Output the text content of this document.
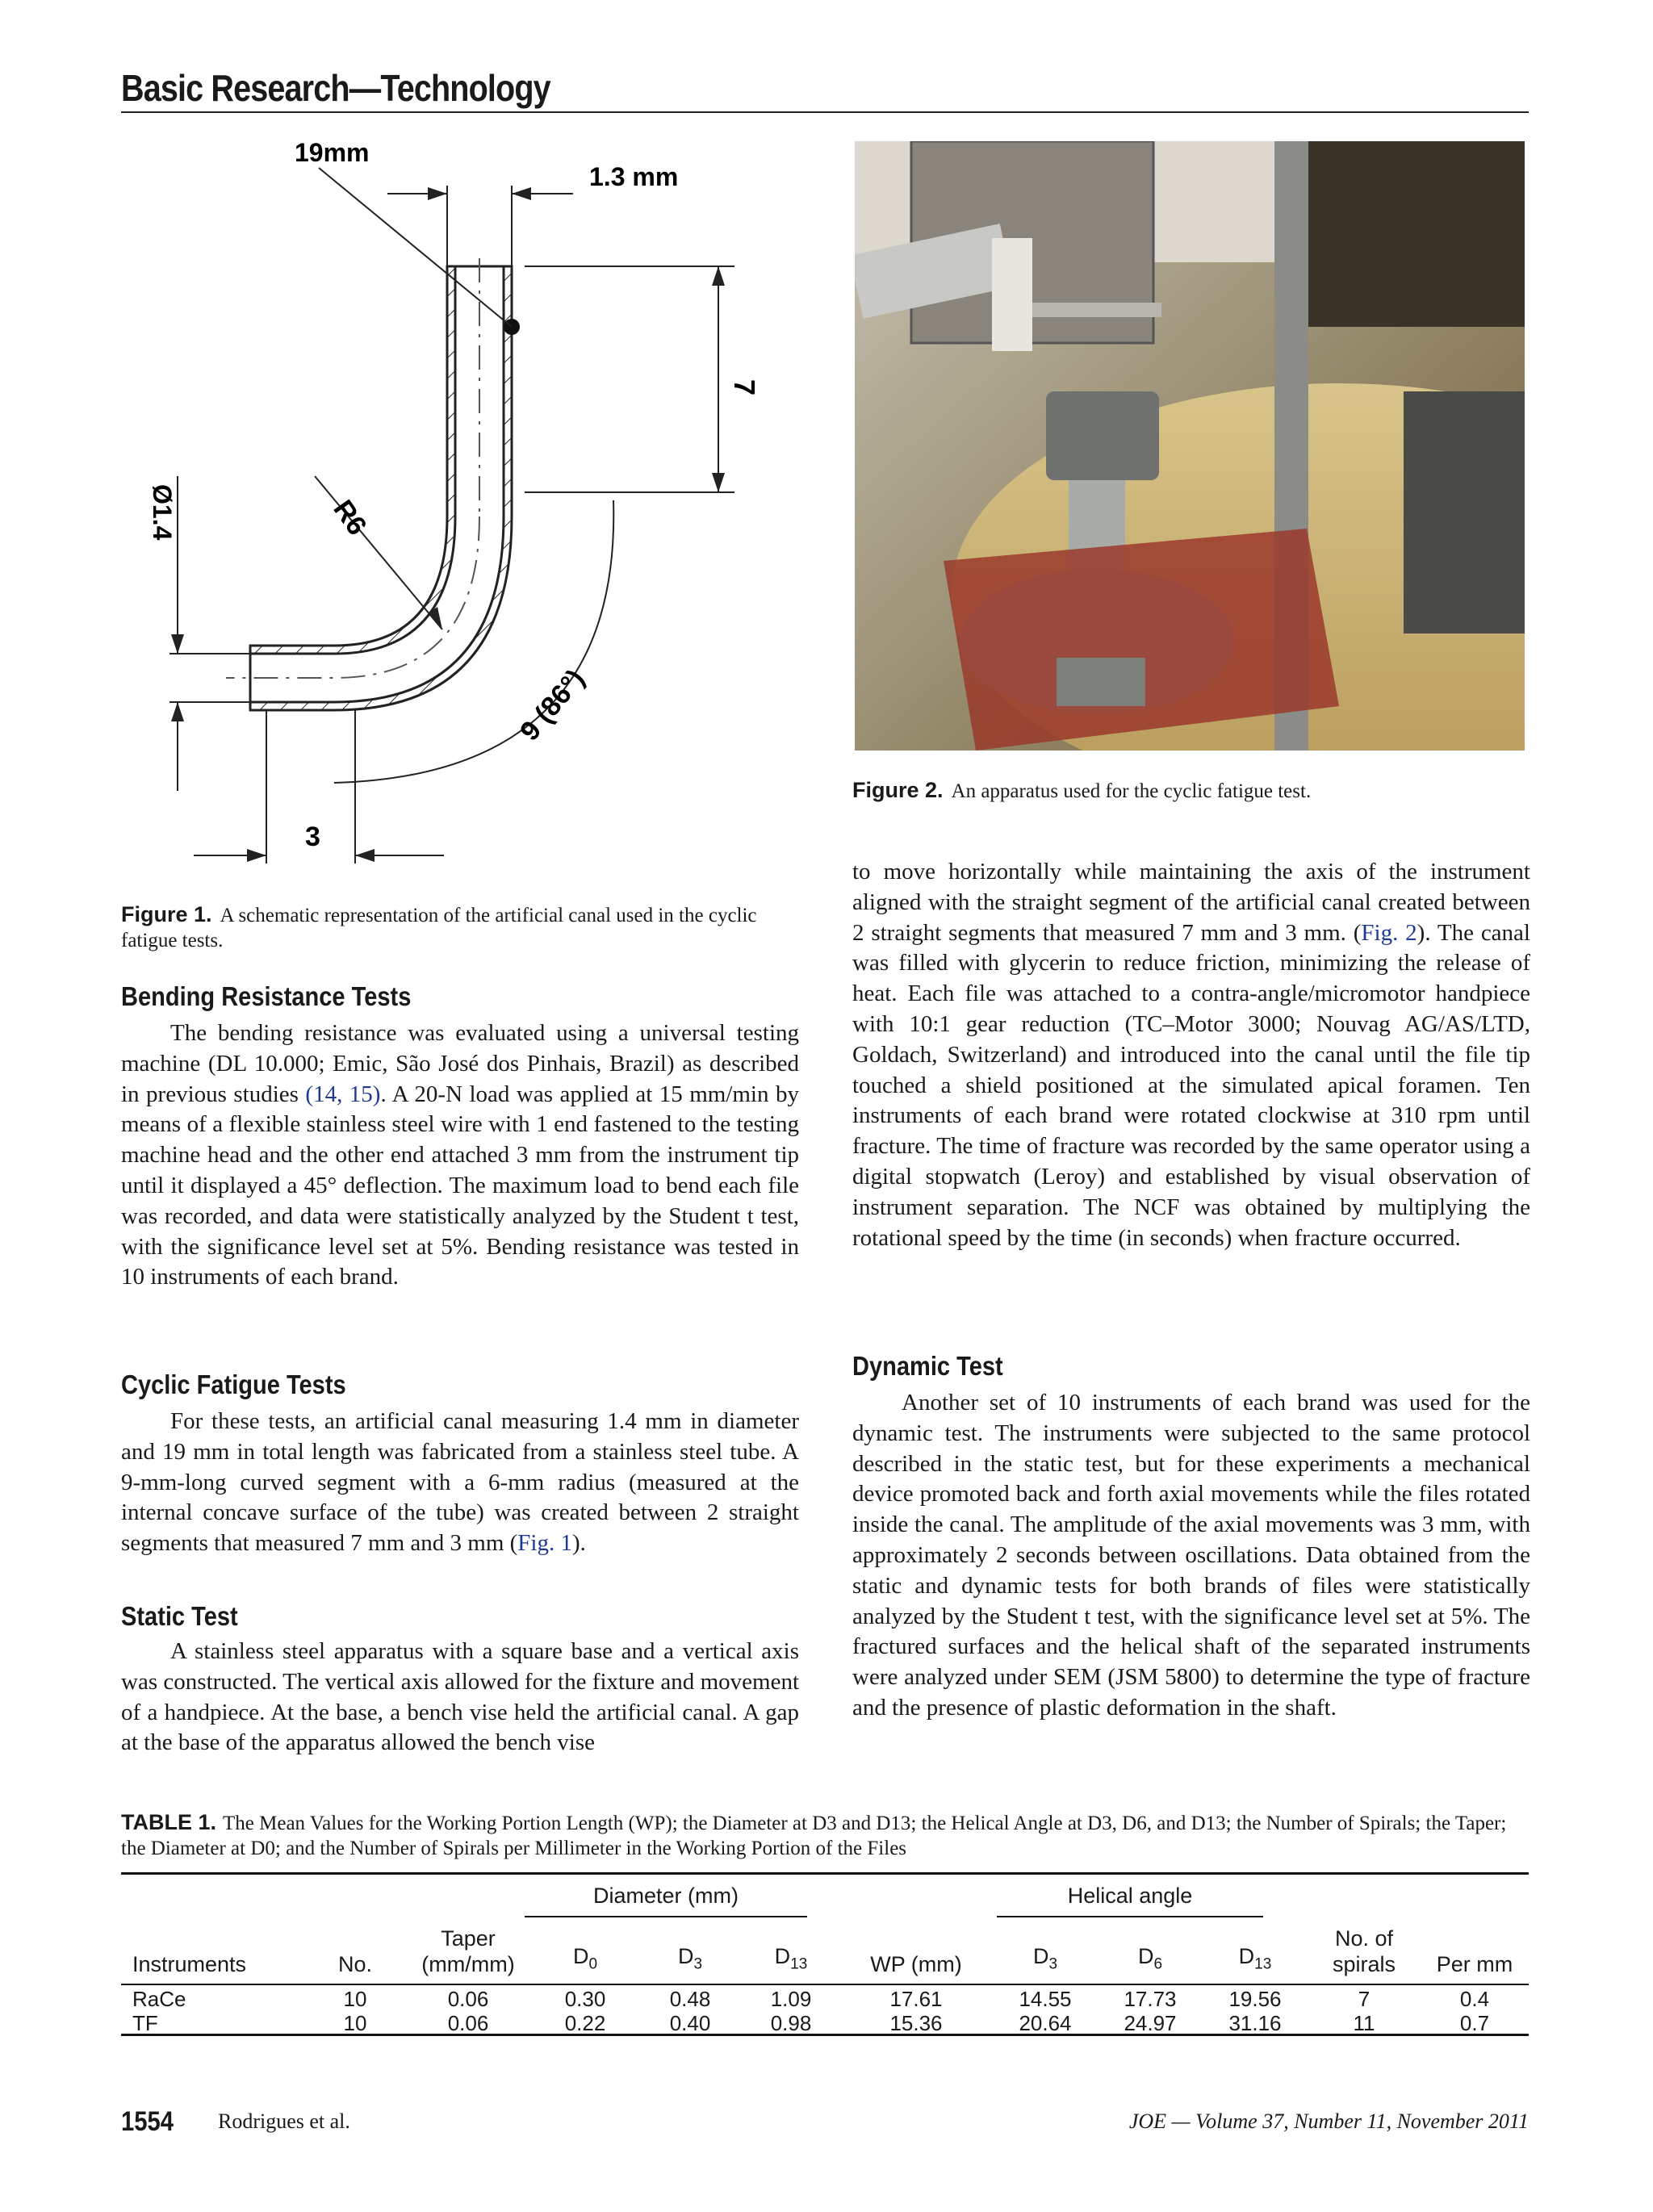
Basic Research—Technology
19mm
1.3 mm
7
R6
Ø1.4
9 (86°)
3
Figure 1. A schematic representation of the artificial canal used in the cyclic fatigue tests.
Figure 2. An apparatus used for the cyclic fatigue test.
Bending Resistance Tests

The bending resistance was evaluated using a universal testing machine (DL 10.000; Emic, São José dos Pinhais, Brazil) as described in previous studies (14, 15). A 20-N load was applied at 15 mm/min by means of a flexible stainless steel wire with 1 end fastened to the testing machine head and the other end attached 3 mm from the instrument tip until it displayed a 45° deflection. The maximum load to bend each file was recorded, and data were statistically analyzed by the Student t test, with the significance level set at 5%. Bending resistance was tested in 10 instruments of each brand.

Cyclic Fatigue Tests

For these tests, an artificial canal measuring 1.4 mm in diameter and 19 mm in total length was fabricated from a stainless steel tube. A 9-mm-long curved segment with a 6-mm radius (measured at the internal concave surface of the tube) was created between 2 straight segments that measured 7 mm and 3 mm (Fig. 1).

Static Test

A stainless steel apparatus with a square base and a vertical axis was constructed. The vertical axis allowed for the fixture and movement of a handpiece. At the base, a bench vise held the artificial canal. A gap at the base of the apparatus allowed the bench vise

to move horizontally while maintaining the axis of the instrument aligned with the straight segment of the artificial canal created between 2 straight segments that measured 7 mm and 3 mm. (Fig. 2). The canal was filled with glycerin to reduce friction, minimizing the release of heat. Each file was attached to a contra-angle/micromotor handpiece with 10:1 gear reduction (TC–Motor 3000; Nouvag AG/AS/LTD, Goldach, Switzerland) and introduced into the canal until the file tip touched a shield positioned at the simulated apical foramen. Ten instruments of each brand were rotated clockwise at 310 rpm until fracture. The time of fracture was recorded by the same operator using a digital stopwatch (Leroy) and established by visual observation of instrument separation. The NCF was obtained by multiplying the rotational speed by the time (in seconds) when fracture occurred.

Dynamic Test

Another set of 10 instruments of each brand was used for the dynamic test. The instruments were subjected to the same protocol described in the static test, but for these experiments a mechanical device promoted back and forth axial movements while the files rotated inside the canal. The amplitude of the axial movements was 3 mm, with approximately 2 seconds between oscillations. Data obtained from the static and dynamic tests for both brands of files were statistically analyzed by the Student t test, with the significance level set at 5%. The fractured surfaces and the helical shaft of the separated instruments were analyzed under SEM (JSM 5800) to determine the type of fracture and the presence of plastic deformation in the shaft.

TABLE 1. The Mean Values for the Working Portion Length (WP); the Diameter at D3 and D13; the Helical Angle at D3, D6, and D13; the Number of Spirals; the Taper; the Diameter at D0; and the Number of Spirals per Millimeter in the Working Portion of the Files
Diameter (mm)	Helical angle
Instruments	No.
Taper (mm/mm)	$D_0$	$D_3$	$D_{13}$	WP (mm)	$D_3$	$D_6$	$D_{13}$
No. of spirals	Per mm
RaCe	10	0.06	0.30	0.48	1.09	17.61	14.55	17.73	19.56	7	0.4
TF	10	0.06	0.22	0.40	0.98	15.36	20.64	24.97	31.16	11	0.7
1554 Rodrigues et al.	JOE — Volume 37, Number 11, November 2011
